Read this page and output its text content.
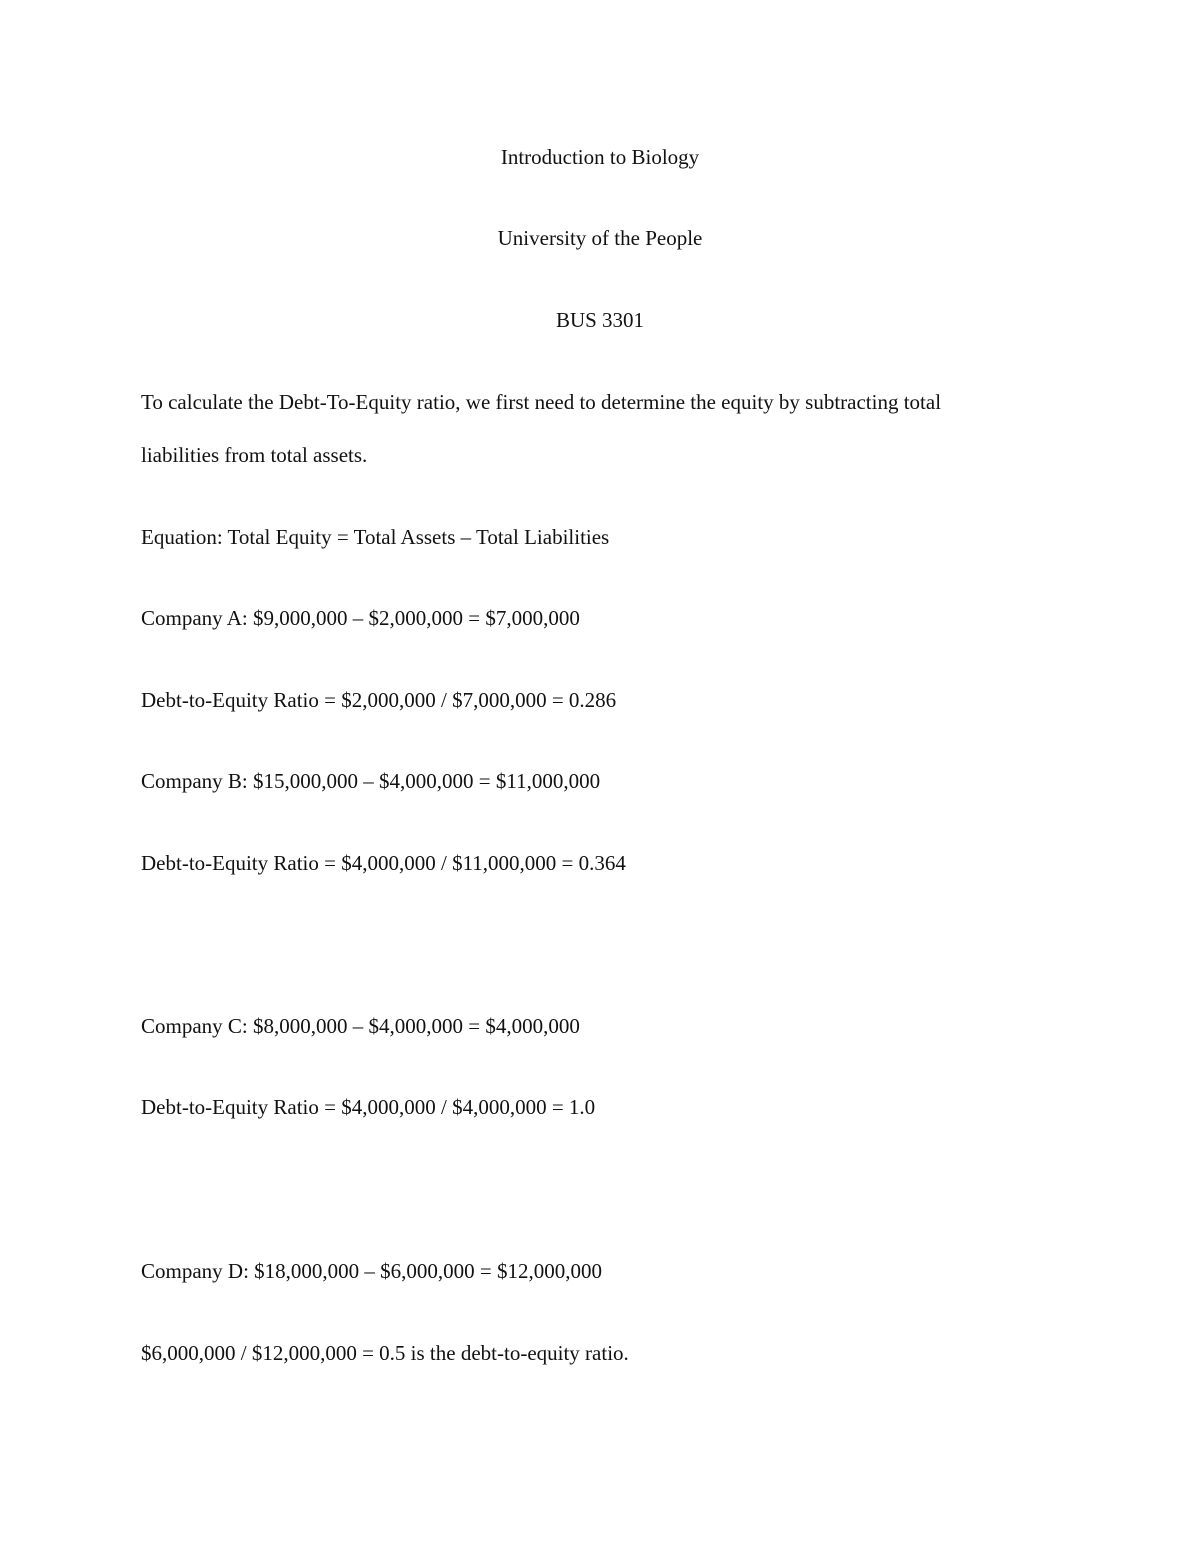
Introduction to Biology

University of the People

BUS 3301

To calculate the Debt-To-Equity ratio, we first need to determine the equity by subtracting total

liabilities from total assets.

Equation: Total Equity = Total Assets – Total Liabilities

Company A: $9,000,000 – $2,000,000 = $7,000,000

Debt-to-Equity Ratio = $2,000,000 / $7,000,000 = 0.286

Company B: $15,000,000 – $4,000,000 = $11,000,000

Debt-to-Equity Ratio = $4,000,000 / $11,000,000 = 0.364

Company C: $8,000,000 – $4,000,000 = $4,000,000

Debt-to-Equity Ratio = $4,000,000 / $4,000,000 = 1.0

Company D: $18,000,000 – $6,000,000 = $12,000,000

$6,000,000 / $12,000,000 = 0.5 is the debt-to-equity ratio.
